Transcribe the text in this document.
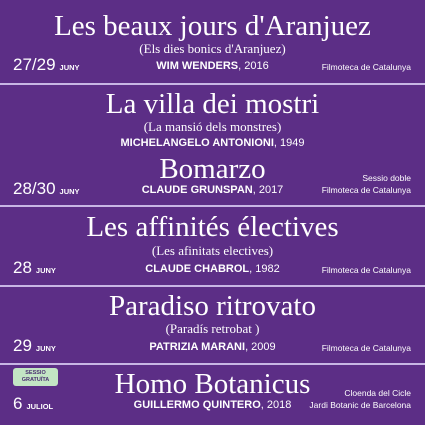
Les beaux jours d'Aranjuez
(Els dies bonics d'Aranjuez)
WIM WENDERS, 2016
27/29 JUNY	Filmoteca de Catalunya
La villa dei mostri
(La mansió dels monstres)
MICHELANGELO ANTONIONI, 1949
Bomarzo
CLAUDE GRUNSPAN, 2017
28/30 JUNY
Sessio doble
Filmoteca de Catalunya
Les affinités électives
(Les afinitats electives)
CLAUDE CHABROL, 1982
28 JUNY	Filmoteca de Catalunya
Paradiso ritrovato
(Paradís retrobat )
PATRIZIA MARANI, 2009
29 JUNY	Filmoteca de Catalunya
SESSIO
GRATUÏTA	Homo Botanicus
GUILLERMO QUINTERO, 2018
6 JULIOL
Cloenda del Cicle
Jardi Botanic de Barcelona
